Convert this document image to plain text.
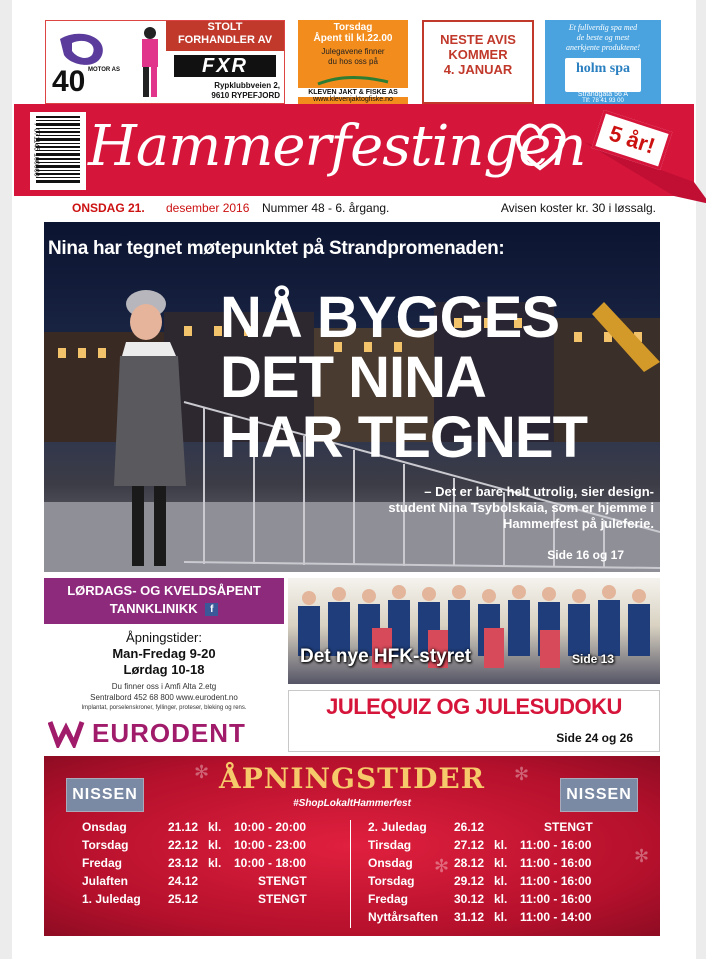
40 MOTOR AS
STOLT
FORHANDLER AV
FXR
Rypklubbveien 2,
9610 RYPEFJORD
Torsdag
Åpent til kl.22.00
Julegavene finner
du hos oss på
KLEVEN JAKT & FISKE AS
www.klevenjaktogfiske.no
NESTE AVIS
KOMMER
4. JANUAR
Et fullverdig spa med
de beste og mest
anerkjente produktene!
holm spa
Strandgata 56 A
Tlf: 78 41 93 00
7 071145 100000 Hammerfestingen 5 år!
ONSDAG 21. desember 2016 Nummer 48 - 6. årgang.	Avisen koster kr. 30 i løssalg.
Nina har tegnet møtepunktet på Strandpromenaden:
NÅ BYGGES
DET NINA
HAR TEGNET
– Det er bare helt utrolig, sier design-student Nina Tsybolskaia, som er hjemme i Hammerfest på juleferie.
Side 16 og 17
LØRDAGS- OG KVELDSÅPENT
TANNKLINIKK f
Åpningstider:
Man-Fredag 9-20
Lørdag 10-18
Du finner oss i Amfi Alta 2.etg
Sentralbord 452 68 800 www.eurodent.no
Implantat, porselenskroner, fyllinger, proteser, bleking og rens.
EURODENT
Det nye HFK-styret	Side 13
JULEQUIZ OG JULESUDOKU
Side 24 og 26
✻	✻
✻	✻
NISSEN	NISSEN
ÅPNINGSTIDER
#ShopLokaltHammerfest
Onsdag	21.12 kl. 10:00 - 20:00
Torsdag	22.12 kl. 10:00 - 23:00
Fredag	23.12 kl. 10:00 - 18:00
Julaften	24.12	STENGT
1. Juledag 25.12	STENGT
2. Juledag 26.12	STENGT
Tirsdag	27.12 kl. 11:00 - 16:00
Onsdag	28.12 kl. 11:00 - 16:00
Torsdag	29.12 kl. 11:00 - 16:00
Fredag	30.12 kl. 11:00 - 16:00
Nyttårsaften 31.12 kl. 11:00 - 14:00
